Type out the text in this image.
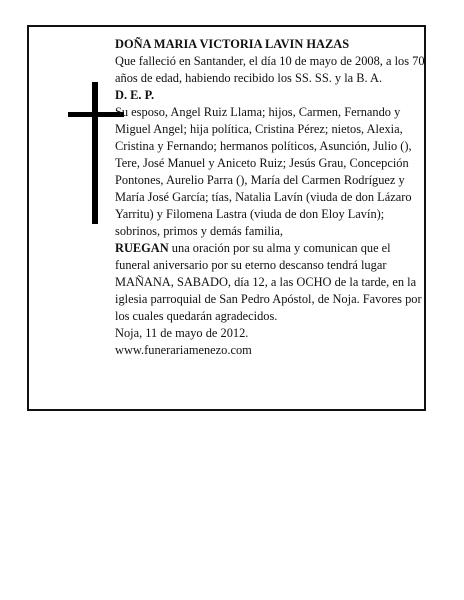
DOÑA MARIA VICTORIA LAVIN HAZAS

Que falleció en Santander, el día 10 de mayo de 2008, a los 70 años de edad, habiendo recibido los SS. SS. y la B. A.

D. E. P.

Su esposo, Angel Ruiz Llama; hijos, Carmen, Fernando y Miguel Angel; hija política, Cristina Pérez; nietos, Alexia, Cristina y Fernando; hermanos políticos, Asunción, Julio (), Tere, José Manuel y Aniceto Ruiz; Jesús Grau, Concepción Pontones, Aurelio Parra (), María del Carmen Rodríguez y María José García; tías, Natalia Lavín (viuda de don Lázaro Yarritu) y Filomena Lastra (viuda de don Eloy Lavín); sobrinos, primos y demás familia,

RUEGAN una oración por su alma y comunican que el funeral aniversario por su eterno descanso tendrá lugar MAÑANA, SABADO, día 12, a las OCHO de la tarde, en la iglesia parroquial de San Pedro Apóstol, de Noja. Favores por los cuales quedarán agradecidos.

Noja, 11 de mayo de 2012.

www.funerariamenezo.com
